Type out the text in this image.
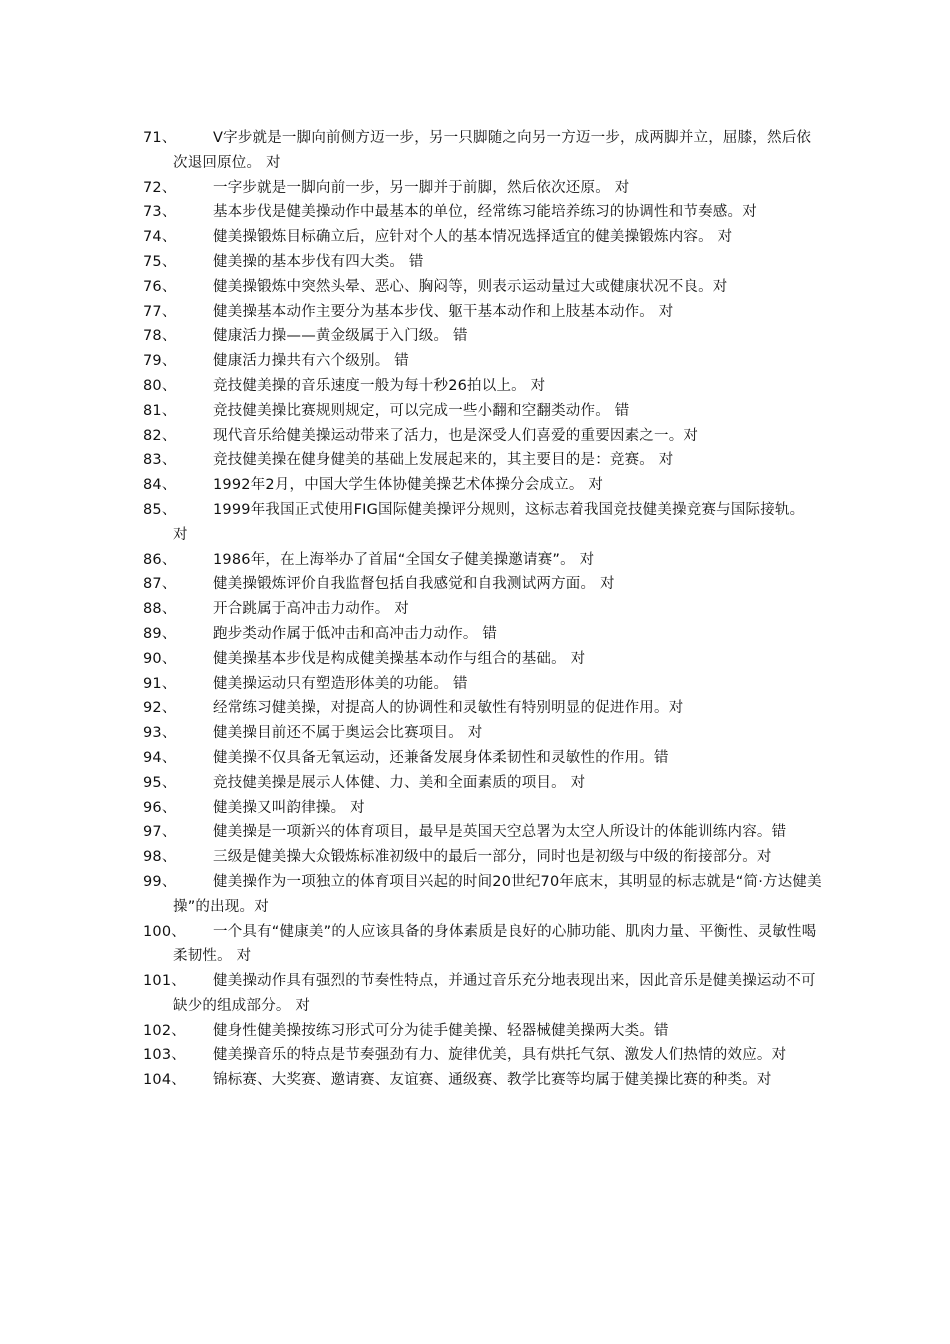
71、	V字步就是一脚向前侧方迈一步，另一只脚随之向另一方迈一步，成两脚并立，屈膝，然后依次退回原位。 对
72、	一字步就是一脚向前一步，另一脚并于前脚，然后依次还原。 对
73、	基本步伐是健美操动作中最基本的单位，经常练习能培养练习的协调性和节奏感。对
74、	健美操锻炼目标确立后，应针对个人的基本情况选择适宜的健美操锻炼内容。 对
75、	健美操的基本步伐有四大类。 错
76、	健美操锻炼中突然头晕、恶心、胸闷等，则表示运动量过大或健康状况不良。对
77、	健美操基本动作主要分为基本步伐、躯干基本动作和上肢基本动作。 对
78、	健康活力操——黄金级属于入门级。 错
79、	健康活力操共有六个级别。 错
80、	竞技健美操的音乐速度一般为每十秒26拍以上。 对
81、	竞技健美操比赛规则规定，可以完成一些小翻和空翻类动作。 错
82、	现代音乐给健美操运动带来了活力，也是深受人们喜爱的重要因素之一。对
83、	竞技健美操在健身健美的基础上发展起来的，其主要目的是：竞赛。 对
84、	1992年2月，中国大学生体协健美操艺术体操分会成立。 对
85、	1999年我国正式使用FIG国际健美操评分规则，这标志着我国竞技健美操竞赛与国际接轨。 对
86、	1986年，在上海举办了首届“全国女子健美操邀请赛”。 对
87、	健美操锻炼评价自我监督包括自我感觉和自我测试两方面。 对
88、	开合跳属于高冲击力动作。 对
89、	跑步类动作属于低冲击和高冲击力动作。 错
90、	健美操基本步伐是构成健美操基本动作与组合的基础。 对
91、	健美操运动只有塑造形体美的功能。 错
92、	经常练习健美操，对提高人的协调性和灵敏性有特别明显的促进作用。对
93、	健美操目前还不属于奥运会比赛项目。 对
94、	健美操不仅具备无氧运动，还兼备发展身体柔韧性和灵敏性的作用。错
95、	竞技健美操是展示人体健、力、美和全面素质的项目。 对
96、	健美操又叫韵律操。 对
97、	健美操是一项新兴的体育项目，最早是英国天空总署为太空人所设计的体能训练内容。错
98、	三级是健美操大众锻炼标准初级中的最后一部分，同时也是初级与中级的衔接部分。对
99、	健美操作为一项独立的体育项目兴起的时间20世纪70年底末，其明显的标志就是“简·方达健美操”的出现。对
100、	一个具有“健康美”的人应该具备的身体素质是良好的心肺功能、肌肉力量、平衡性、灵敏性喝柔韧性。 对
101、	健美操动作具有强烈的节奏性特点，并通过音乐充分地表现出来，因此音乐是健美操运动不可缺少的组成部分。 对
102、	健身性健美操按练习形式可分为徒手健美操、轻器械健美操两大类。错
103、	健美操音乐的特点是节奏强劲有力、旋律优美，具有烘托气氛、激发人们热情的效应。对
104、	锦标赛、大奖赛、邀请赛、友谊赛、通级赛、教学比赛等均属于健美操比赛的种类。对
